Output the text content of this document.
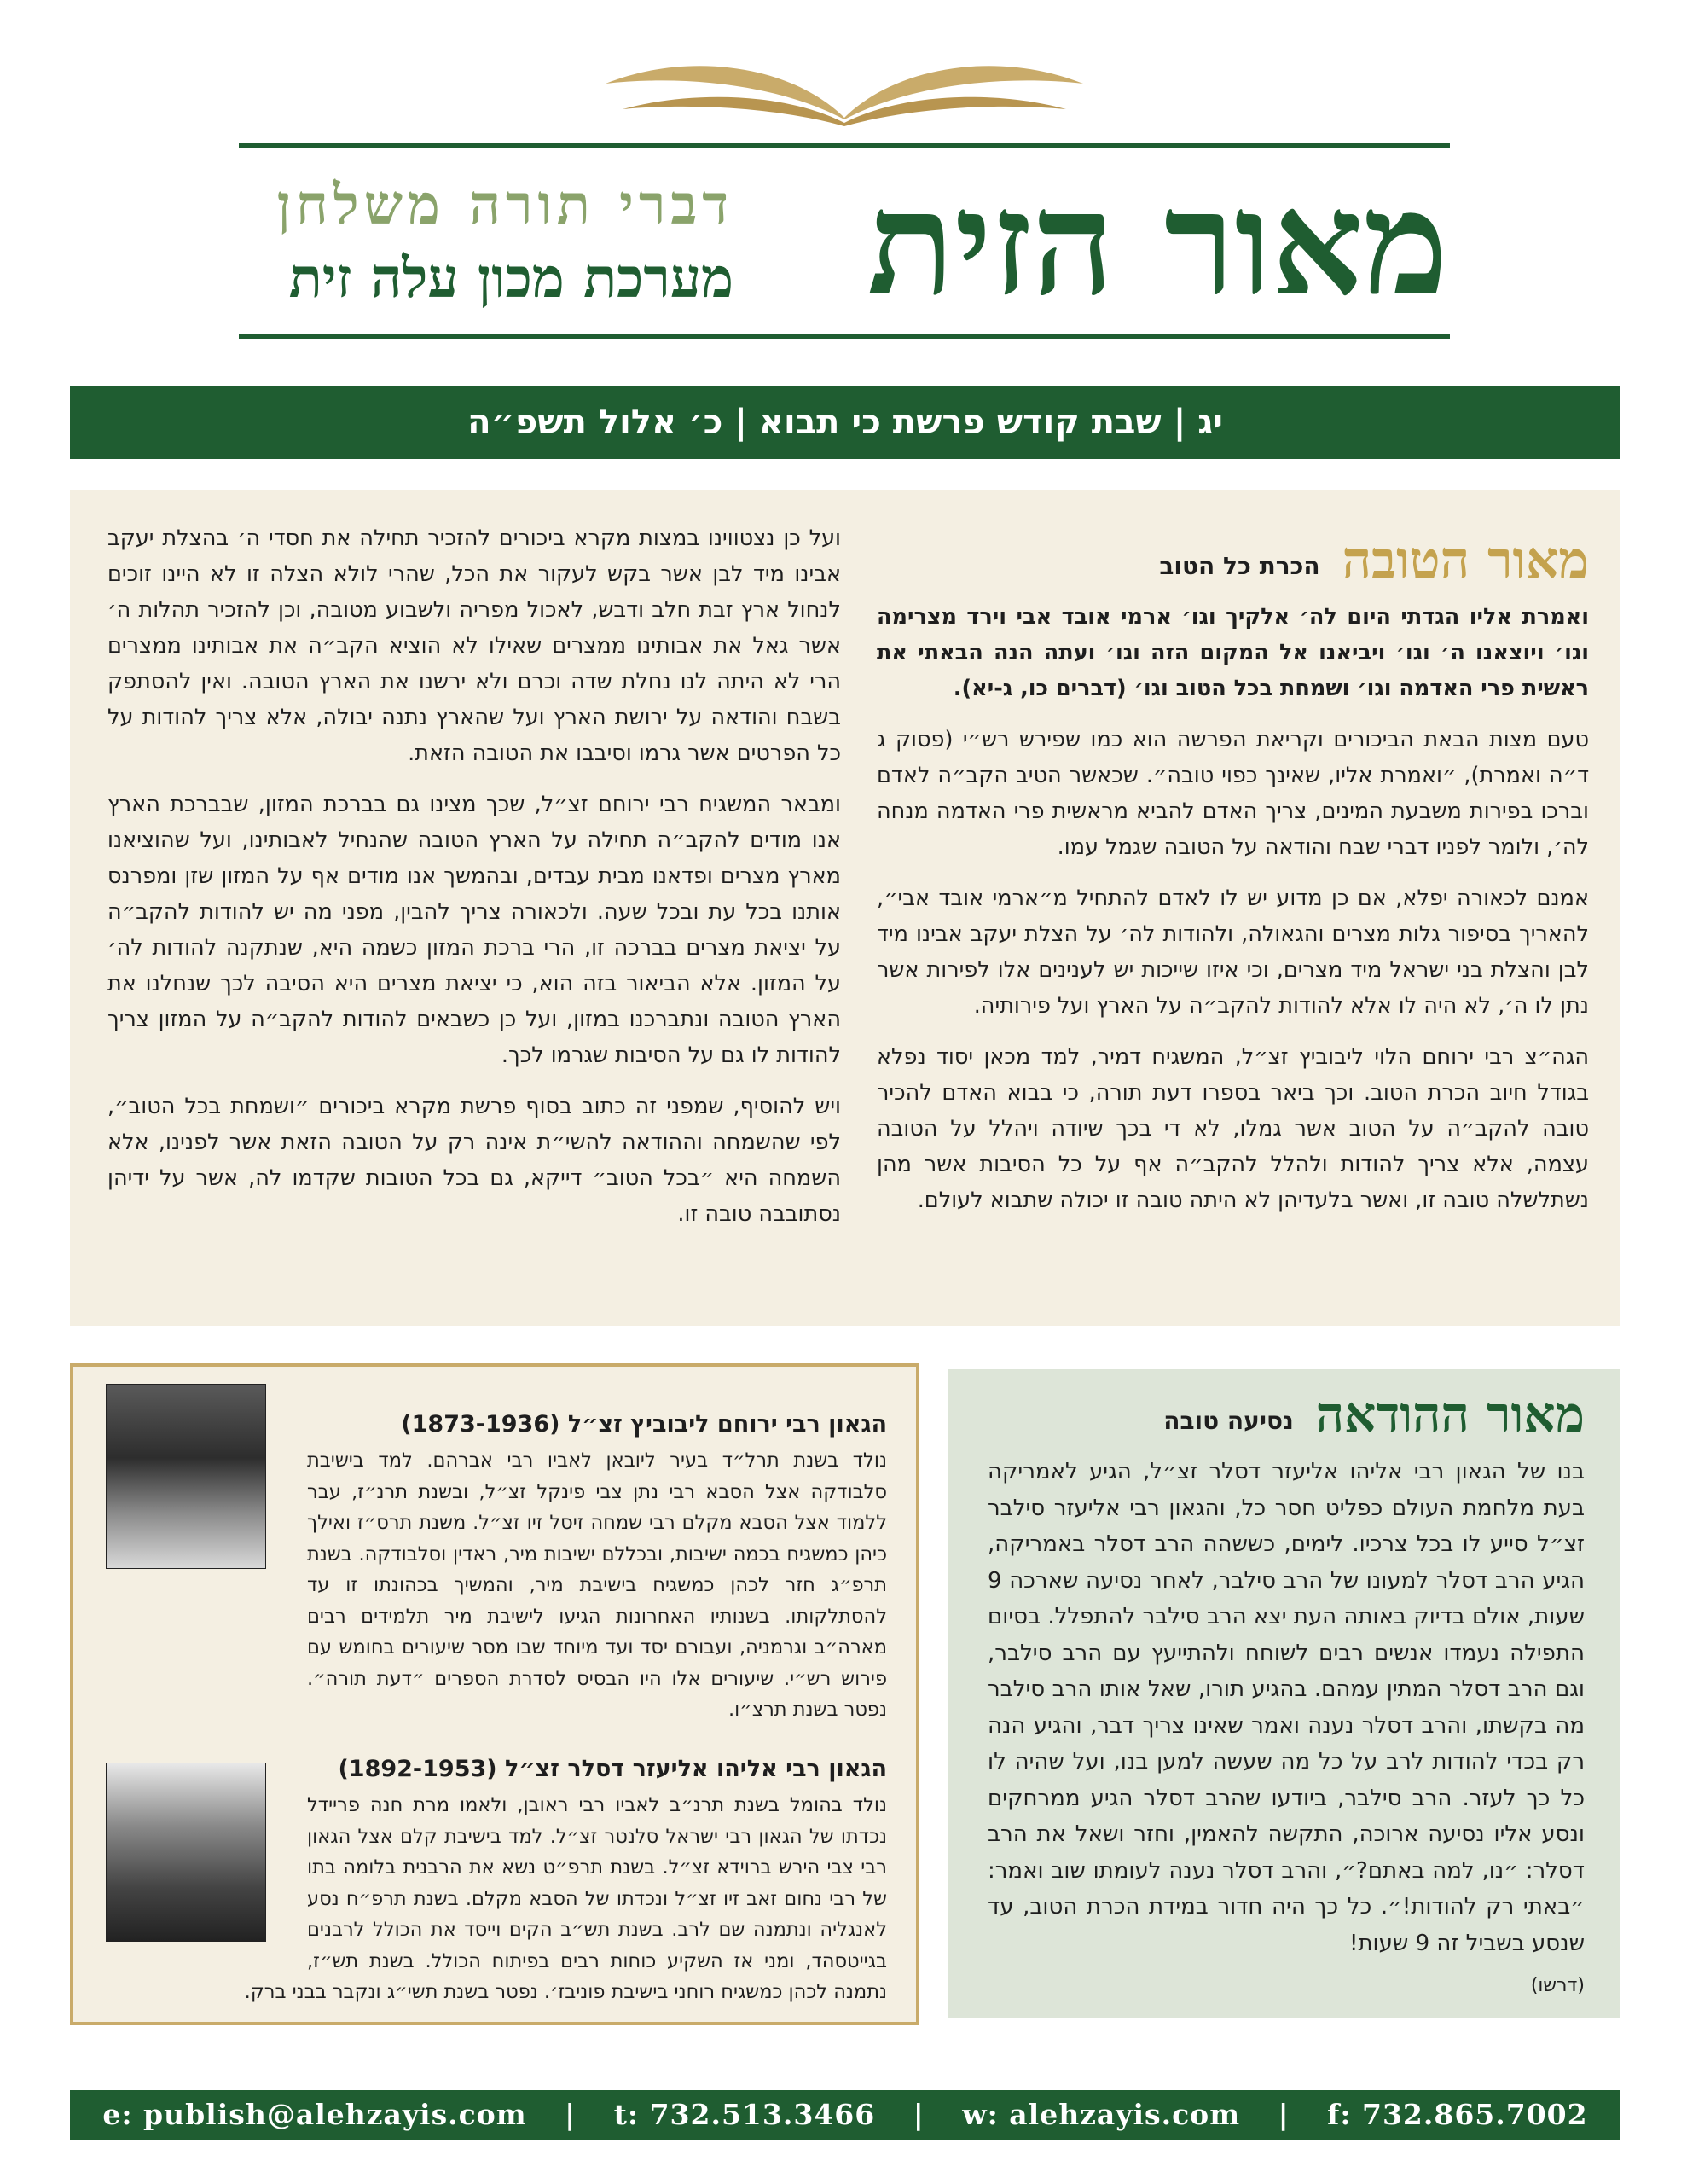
מאור הזית
דברי תורה משלחן
מערכת מכון עלה זית
יג | שבת קודש פרשת כי תבוא | כ׳ אלול תשפ״ה
מאור הטובה
הכרת כל הטוב

ואמרת אליו הגדתי היום לה׳ אלקיך וגו׳ ארמי אובד אבי וירד מצרימה וגו׳ ויוצאנו ה׳ וגו׳ ויביאנו אל המקום הזה וגו׳ ועתה הנה הבאתי את ראשית פרי האדמה וגו׳ ושמחת בכל הטוב וגו׳ (דברים כו, ג-יא).

טעם מצות הבאת הביכורים וקריאת הפרשה הוא כמו שפירש רש״י (פסוק ג ד״ה ואמרת), ״ואמרת אליו, שאינך כפוי טובה״. שכאשר הטיב הקב״ה לאדם וברכו בפירות משבעת המינים, צריך האדם להביא מראשית פרי האדמה מנחה לה׳, ולומר לפניו דברי שבח והודאה על הטובה שגמל עמו.

אמנם לכאורה יפלא, אם כן מדוע יש לו לאדם להתחיל מ״ארמי אובד אבי״, להאריך בסיפור גלות מצרים והגאולה, ולהודות לה׳ על הצלת יעקב אבינו מיד לבן והצלת בני ישראל מיד מצרים, וכי איזו שייכות יש לענינים אלו לפירות אשר נתן לו ה׳, לא היה לו אלא להודות להקב״ה על הארץ ועל פירותיה.

הגה״צ רבי ירוחם הלוי ליבוביץ זצ״ל, המשגיח דמיר, למד מכאן יסוד נפלא בגודל חיוב הכרת הטוב. וכך ביאר בספרו דעת תורה, כי בבוא האדם להכיר טובה להקב״ה על הטוב אשר גמלו, לא די בכך שיודה ויהלל על הטובה עצמה, אלא צריך להודות ולהלל להקב״ה אף על כל הסיבות אשר מהן נשתלשלה טובה זו, ואשר בלעדיהן לא היתה טובה זו יכולה שתבוא לעולם.

ועל כן נצטווינו במצות מקרא ביכורים להזכיר תחילה את חסדי ה׳ בהצלת יעקב אבינו מיד לבן אשר בקש לעקור את הכל, שהרי לולא הצלה זו לא היינו זוכים לנחול ארץ זבת חלב ודבש, לאכול מפריה ולשבוע מטובה, וכן להזכיר תהלות ה׳ אשר גאל את אבותינו ממצרים שאילו לא הוציא הקב״ה את אבותינו ממצרים הרי לא היתה לנו נחלת שדה וכרם ולא ירשנו את הארץ הטובה. ואין להסתפק בשבח והודאה על ירושת הארץ ועל שהארץ נתנה יבולה, אלא צריך להודות על כל הפרטים אשר גרמו וסיבבו את הטובה הזאת.

ומבאר המשגיח רבי ירוחם זצ״ל, שכך מצינו גם בברכת המזון, שבברכת הארץ אנו מודים להקב״ה תחילה על הארץ הטובה שהנחיל לאבותינו, ועל שהוציאנו מארץ מצרים ופדאנו מבית עבדים, ובהמשך אנו מודים אף על המזון שזן ומפרנס אותנו בכל עת ובכל שעה. ולכאורה צריך להבין, מפני מה יש להודות להקב״ה על יציאת מצרים בברכה זו, הרי ברכת המזון כשמה היא, שנתקנה להודות לה׳ על המזון. אלא הביאור בזה הוא, כי יציאת מצרים היא הסיבה לכך שנחלנו את הארץ הטובה ונתברכנו במזון, ועל כן כשבאים להודות להקב״ה על המזון צריך להודות לו גם על הסיבות שגרמו לכך.

ויש להוסיף, שמפני זה כתוב בסוף פרשת מקרא ביכורים ״ושמחת בכל הטוב״, לפי שהשמחה וההודאה להשי״ת אינה רק על הטובה הזאת אשר לפנינו, אלא השמחה היא ״בכל הטוב״ דייקא, גם בכל הטובות שקדמו לה, אשר על ידיהן נסתובבה טובה זו.

הגאון רבי ירוחם ליבוביץ זצ״ל (1873-1936)
נולד בשנת תרל״ד בעיר ליובאן לאביו רבי אברהם. למד בישיבת סלבודקה אצל הסבא רבי נתן צבי פינקל זצ״ל, ובשנת תרנ״ז, עבר ללמוד אצל הסבא מקלם רבי שמחה זיסל זיו זצ״ל. משנת תרס״ז ואילך כיהן כמשגיח בכמה ישיבות, ובכללם ישיבות מיר, ראדין וסלבודקה. בשנת תרפ״ג חזר לכהן כמשגיח בישיבת מיר, והמשיך בכהונתו זו עד להסתלקותו. בשנותיו האחרונות הגיעו לישיבת מיר תלמידים רבים מארה״ב וגרמניה, ועבורם יסד ועד מיוחד שבו מסר שיעורים בחומש עם פירוש רש״י. שיעורים אלו היו הבסיס לסדרת הספרים ״דעת תורה״. נפטר בשנת תרצ״ו.
הגאון רבי אליהו אליעזר דסלר זצ״ל (1892-1953)
נולד בהומל בשנת תרנ״ב לאביו רבי ראובן, ולאמו מרת חנה פריידל נכדתו של הגאון רבי ישראל סלנטר זצ״ל. למד בישיבת קלם אצל הגאון רבי צבי הירש ברוידא זצ״ל. בשנת תרפ״ט נשא את הרבנית בלומה בתו של רבי נחום זאב זיו זצ״ל ונכדתו של הסבא מקלם. בשנת תרפ״ח נסע לאנגליה ונתמנה שם לרב. בשנת תש״ב הקים וייסד את הכולל לרבנים בגייטסהד, ומני אז השקיע כוחות רבים בפיתוח הכולל. בשנת תש״ז, נתמנה לכהן כמשגיח רוחני בישיבת פוניבז׳. נפטר בשנת תשי״ג ונקבר בבני ברק.
מאור ההודאה
נסיעה טובה
בנו של הגאון רבי אליהו אליעזר דסלר זצ״ל, הגיע לאמריקה בעת מלחמת העולם כפליט חסר כל, והגאון רבי אליעזר סילבר זצ״ל סייע לו בכל צרכיו. לימים, כששהה הרב דסלר באמריקה, הגיע הרב דסלר למעונו של הרב סילבר, לאחר נסיעה שארכה 9 שעות, אולם בדיוק באותה העת יצא הרב סילבר להתפלל. בסיום התפילה נעמדו אנשים רבים לשוחח ולהתייעץ עם הרב סילבר, וגם הרב דסלר המתין עמהם. בהגיע תורו, שאל אותו הרב סילבר מה בקשתו, והרב דסלר נענה ואמר שאינו צריך דבר, והגיע הנה רק בכדי להודות לרב על כל מה שעשה למען בנו, ועל שהיה לו כל כך לעזר. הרב סילבר, ביודעו שהרב דסלר הגיע ממרחקים ונסע אליו נסיעה ארוכה, התקשה להאמין, וחזר ושאל את הרב דסלר: ״נו, למה באתם?״, והרב דסלר נענה לעומתו שוב ואמר: ״באתי רק להודות!״. כל כך היה חדור במידת הכרת הטוב, עד שנסע בשביל זה 9 שעות!
(דרשו)
e: publish@alehzayis.com | t: 732.513.3466 | w: alehzayis.com | f: 732.865.7002
